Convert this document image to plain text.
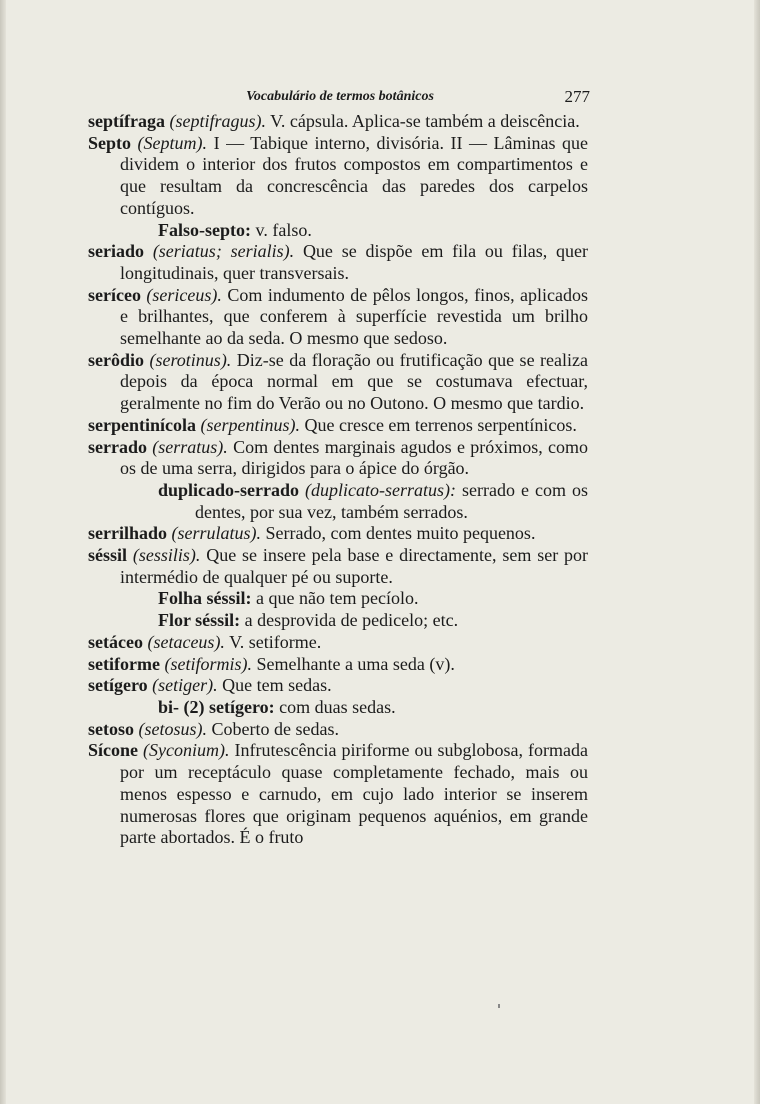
Vocabulário de termos botânicos	277

septífraga (septifragus). V. cápsula. Aplica-se também a deiscência.

Septo (Septum). I — Tabique interno, divisória. II — Lâminas que dividem o interior dos frutos compostos em compartimentos e que resultam da concrescência das paredes dos carpelos contíguos.

Falso-septo: v. falso.

seriado (seriatus; serialis). Que se dispõe em fila ou filas, quer longitudinais, quer transversais.

seríceo (sericeus). Com indumento de pêlos longos, finos, aplicados e brilhantes, que conferem à superfície revestida um brilho semelhante ao da seda. O mesmo que sedoso.

serôdio (serotinus). Diz-se da floração ou frutificação que se realiza depois da época normal em que se costumava efectuar, geralmente no fim do Verão ou no Outono. O mesmo que tardio.

serpentinícola (serpentinus). Que cresce em terrenos serpentínicos.

serrado (serratus). Com dentes marginais agudos e próximos, como os de uma serra, dirigidos para o ápice do órgão.

duplicado-serrado (duplicato-serratus): serrado e com os dentes, por sua vez, também serrados.

serrilhado (serrulatus). Serrado, com dentes muito pequenos.

séssil (sessilis). Que se insere pela base e directamente, sem ser por intermédio de qualquer pé ou suporte.

Folha séssil: a que não tem pecíolo.

Flor séssil: a desprovida de pedicelo; etc.

setáceo (setaceus). V. setiforme.

setiforme (setiformis). Semelhante a uma seda (v).

setígero (setiger). Que tem sedas.

bi- (2) setígero: com duas sedas.

setoso (setosus). Coberto de sedas.

Sícone (Syconium). Infrutescência piriforme ou subglobosa, formada por um receptáculo quase completamente fechado, mais ou menos espesso e carnudo, em cujo lado interior se inserem numerosas flores que originam pequenos aquénios, em grande parte abortados. É o fruto
